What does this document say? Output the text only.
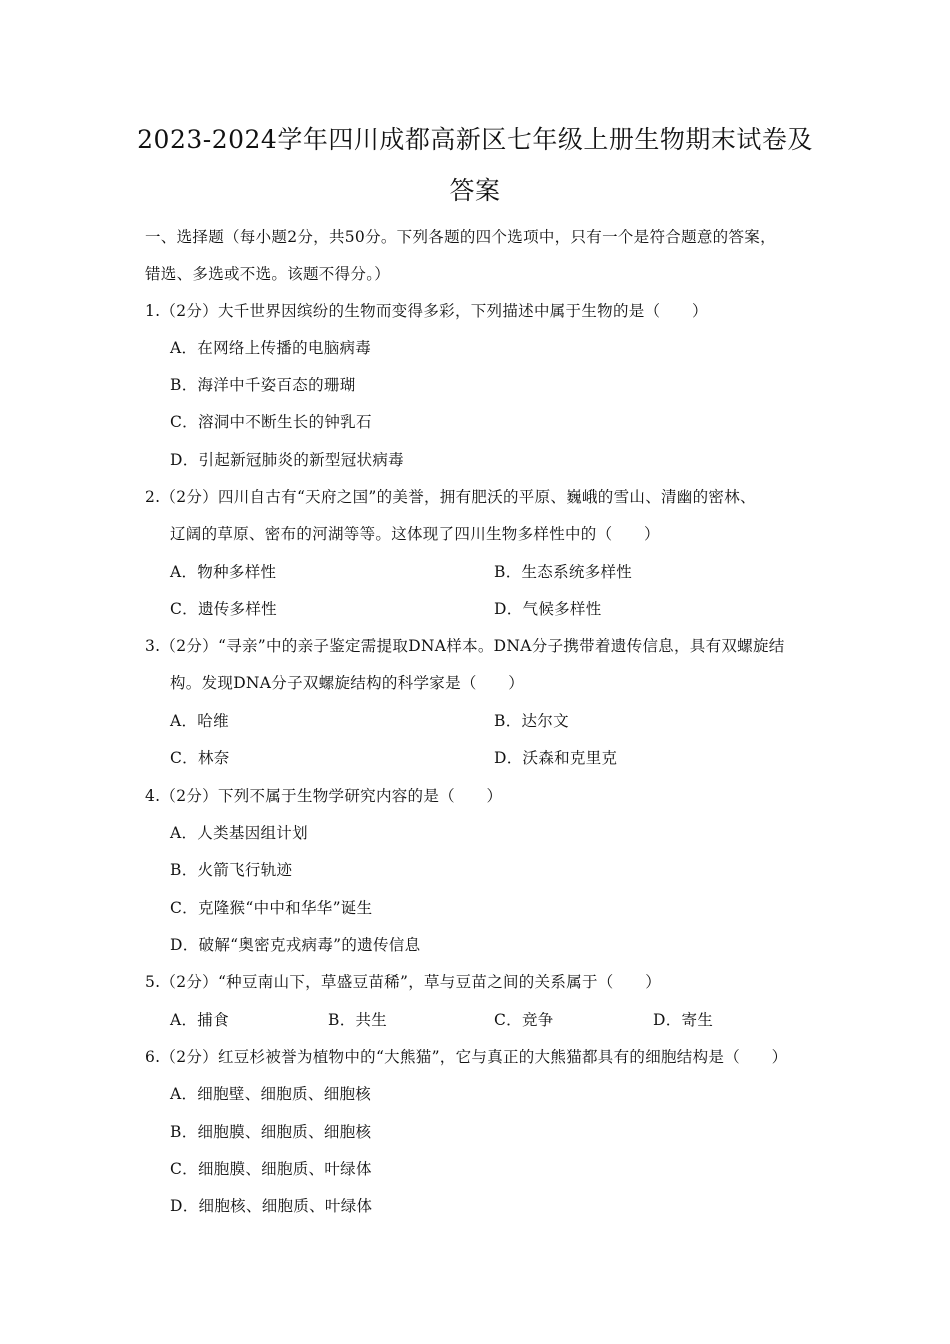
2023-2024学年四川成都高新区七年级上册生物期末试卷及
答案
一、选择题（每小题2分，共50分。下列各题的四个选项中，只有一个是符合题意的答案，
错选、多选或不选。该题不得分。）
1.（2分）大千世界因缤纷的生物而变得多彩，下列描述中属于生物的是（　　）
A．在网络上传播的电脑病毒
B．海洋中千姿百态的珊瑚
C．溶洞中不断生长的钟乳石
D．引起新冠肺炎的新型冠状病毒
2.（2分）四川自古有“天府之国”的美誉，拥有肥沃的平原、巍峨的雪山、清幽的密林、
辽阔的草原、密布的河湖等等。这体现了四川生物多样性中的（　　）
A．物种多样性	B．生态系统多样性
C．遗传多样性	D．气候多样性
3.（2分）“寻亲”中的亲子鉴定需提取DNA样本。DNA分子携带着遗传信息，具有双螺旋结
构。发现DNA分子双螺旋结构的科学家是（　　）
A．哈维	B．达尔文
C．林奈	D．沃森和克里克
4.（2分）下列不属于生物学研究内容的是（　　）
A．人类基因组计划
B．火箭飞行轨迹
C．克隆猴“中中和华华”诞生
D．破解“奥密克戎病毒”的遗传信息
5.（2分）“种豆南山下，草盛豆苗稀”，草与豆苗之间的关系属于（　　）
A．捕食	B．共生	C．竞争	D．寄生
6.（2分）红豆杉被誉为植物中的“大熊猫”，它与真正的大熊猫都具有的细胞结构是（　　）
A．细胞壁、细胞质、细胞核
B．细胞膜、细胞质、细胞核
C．细胞膜、细胞质、叶绿体
D．细胞核、细胞质、叶绿体
